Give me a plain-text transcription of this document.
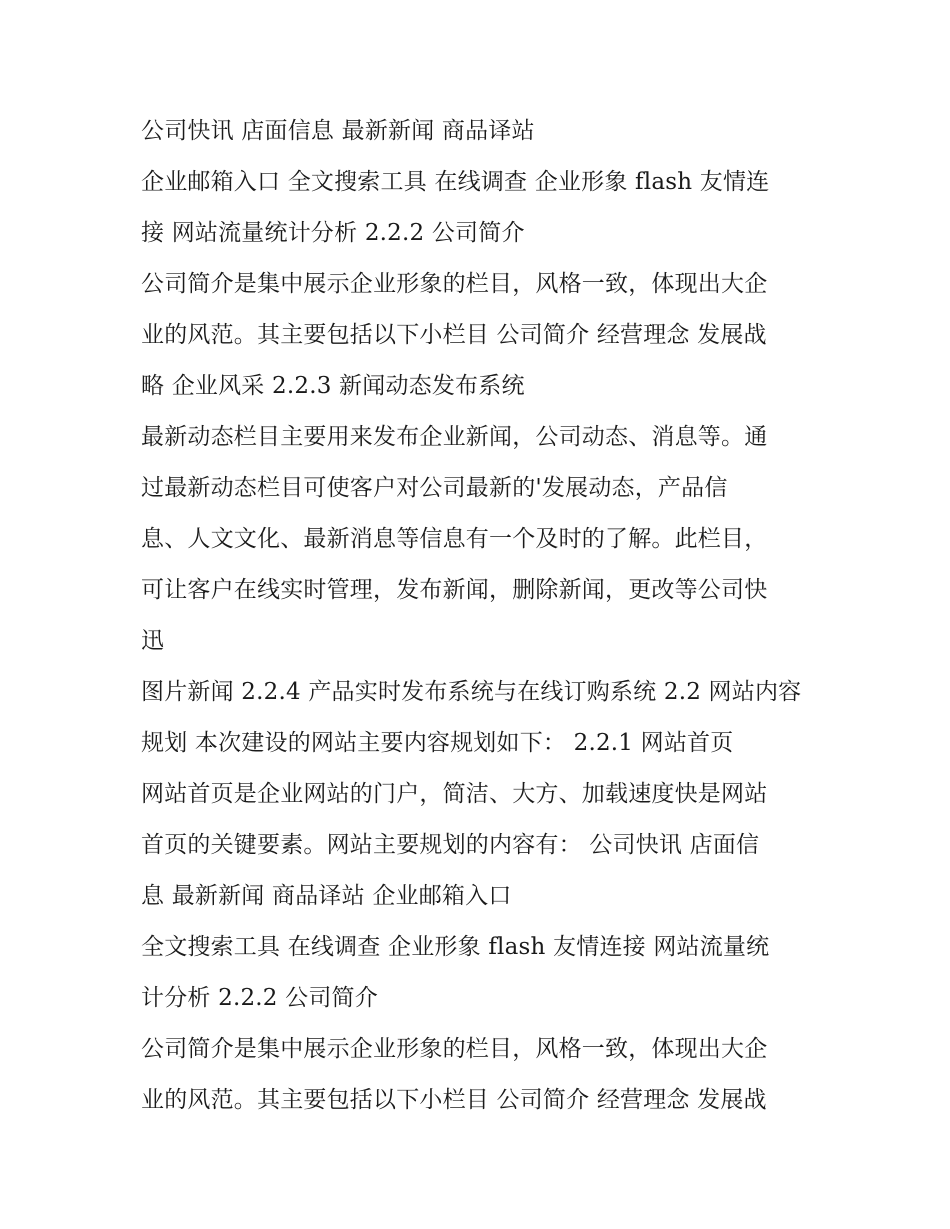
公司快讯 店面信息 最新新闻 商品译站
企业邮箱入口 全文搜索工具 在线调查 企业形象 flash 友情连
接 网站流量统计分析 2.2.2 公司简介
公司简介是集中展示企业形象的栏目，风格一致，体现出大企
业的风范。其主要包括以下小栏目 公司简介 经营理念 发展战
略 企业风采 2.2.3 新闻动态发布系统
最新动态栏目主要用来发布企业新闻，公司动态、消息等。通
过最新动态栏目可使客户对公司最新的'发展动态，产品信
息、人文文化、最新消息等信息有一个及时的了解。此栏目，
可让客户在线实时管理，发布新闻，删除新闻，更改等公司快
迅
图片新闻 2.2.4 产品实时发布系统与在线订购系统 2.2 网站内容
规划 本次建设的网站主要内容规划如下： 2.2.1 网站首页
网站首页是企业网站的门户，简洁、大方、加载速度快是网站
首页的关键要素。网站主要规划的内容有： 公司快讯 店面信
息 最新新闻 商品译站 企业邮箱入口
全文搜索工具 在线调查 企业形象 flash 友情连接 网站流量统
计分析 2.2.2 公司简介
公司简介是集中展示企业形象的栏目，风格一致，体现出大企
业的风范。其主要包括以下小栏目 公司简介 经营理念 发展战
